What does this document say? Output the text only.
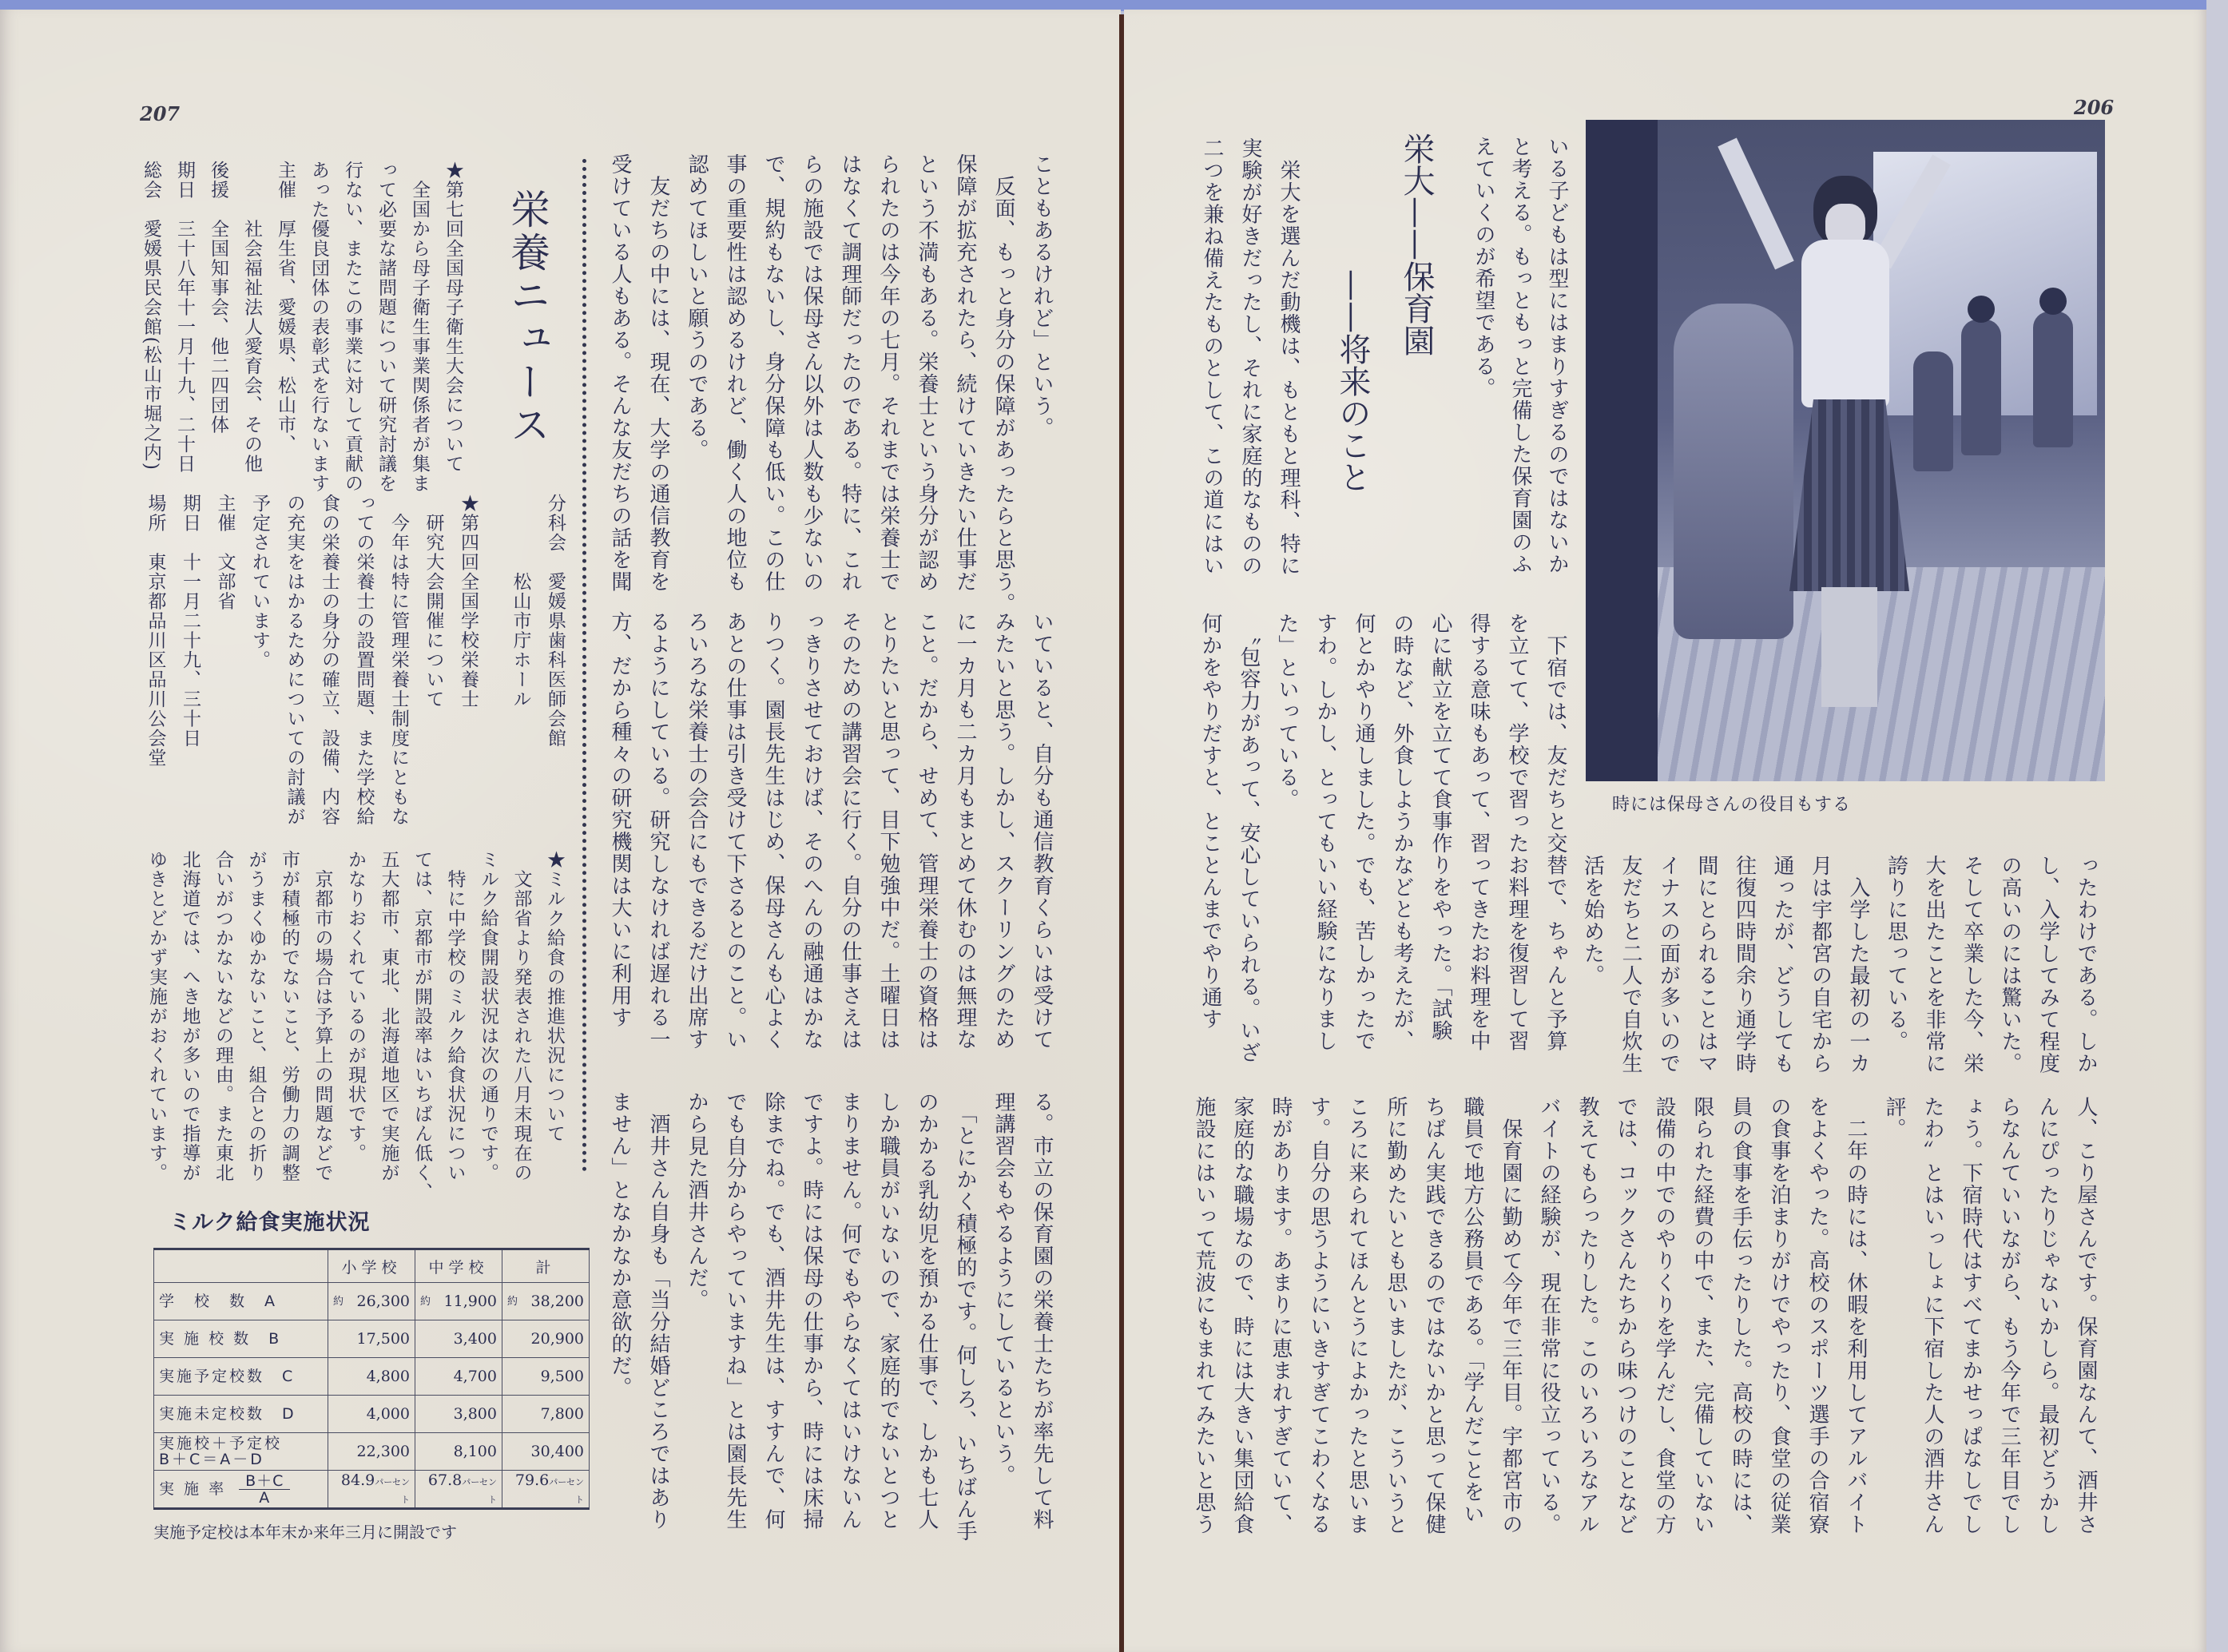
207
栄養ニュース
★第七回全国母子衛生大会について
　全国から母子衛生事業関係者が集ま
って必要な諸問題について研究討議を
行ない、またこの事業に対して貢献の
あった優良団体の表彰式を行ないます
主催　厚生省、愛媛県、松山市、
　　　社会福祉法人愛育会、その他
後援　全国知事会、他二四団体
期日　三十八年十一月十九、二十日
総会　愛媛県民会館(松山市堀之内)
分科会　愛媛県歯科医師会館
　　　　松山市庁ホール
★第四回全国学校栄養士
　研究大会開催について
　今年は特に管理栄養士制度にともな
っての栄養士の設置問題、また学校給
食の栄養士の身分の確立、設備、内容
の充実をはかるためについての討議が
予定されています。
主催　文部省
期日　十一月二十九、三十日
場所　東京都品川区品川公会堂
★ミルク給食の推進状況について
　文部省より発表された八月末現在の
ミルク給食開設状況は次の通りです。
　特に中学校のミルク給食状況につい
ては、京都市が開設率はいちばん低く、
五大都市、東北、北海道地区で実施が
かなりおくれているのが現状です。
　京都市の場合は予算上の問題などで
市が積極的でないこと、労働力の調整
がうまくゆかないこと、組合との折り
合いがつかないなどの理由。また東北
北海道では、へき地が多いので指導が
ゆきとどかず実施がおくれています。
こともあるけれど」という。
　反面、もっと身分の保障があったらと思う。
保障が拡充されたら、続けていきたい仕事だ
という不満もある。栄養士という身分が認め
られたのは今年の七月。それまでは栄養士で
はなくて調理師だったのである。特に、これ
らの施設では保母さん以外は人数も少ないの
で、規約もないし、身分保障も低い。この仕
事の重要性は認めるけれど、働く人の地位も
認めてほしいと願うのである。
　友だちの中には、現在、大学の通信教育を
受けている人もある。そんな友だちの話を聞
いていると、自分も通信教育くらいは受けて
みたいと思う。しかし、スクーリングのため
に一カ月も二カ月もまとめて休むのは無理な
こと。だから、せめて、管理栄養士の資格は
とりたいと思って、目下勉強中だ。土曜日は
そのための講習会に行く。自分の仕事さえは
っきりさせておけば、そのへんの融通はかな
りつく。園長先生はじめ、保母さんも心よく
あとの仕事は引き受けて下さるとのこと。い
ろいろな栄養士の会合にもできるだけ出席す
るようにしている。研究しなければ遅れる一
方、だから種々の研究機関は大いに利用す
る。市立の保育園の栄養士たちが率先して料
理講習会もやるようにしているという。
　「とにかく積極的です。何しろ、いちばん手
のかかる乳幼児を預かる仕事で、しかも七人
しか職員がいないので、家庭的でないとつと
まりません。何でもやらなくてはいけないん
ですよ。時には保母の仕事から、時には床掃
除までね。でも、酒井先生は、すすんで、何
でも自分からやっていますね」とは園長先生
から見た酒井さんだ。
　酒井さん自身も「当分結婚どころではあり
ません」となかなか意欲的だ。
ミルク給食実施状況
	小学校	中学校	計
学　校　数　A	約 26,300	約 11,900	約 38,200
実 施 校 数　B	17,500	3,400	20,900
実施予定校数　C	4,800	4,700	9,500
実施未定校数　D	4,000	3,800	7,800
実施校＋予定校
B＋C＝A－D	22,300	8,100	30,400
実 施 率 $\frac{B+C}{A}$	84.9パーセント	67.8パーセント	79.6パーセント
実施予定校は本年末か来年三月に開設です
206
いる子どもは型にはまりすぎるのではないか
と考える。もっともっと完備した保育園のふ
えていくのが希望である。
栄大——保育園
——将来のこと
　栄大を選んだ動機は、もともと理科、特に
実験が好きだったし、それに家庭的なものの
二つを兼ね備えたものとして、この道にはい
時には保母さんの役目もする
ったわけである。しか
し、入学してみて程度
の高いのには驚いた。
そして卒業した今、栄
大を出たことを非常に
誇りに思っている。
　入学した最初の一カ
月は宇都宮の自宅から
通ったが、どうしても
往復四時間余り通学時
間にとられることはマ
イナスの面が多いので
友だちと二人で自炊生
活を始めた。
　下宿では、友だちと交替で、ちゃんと予算
を立てて、学校で習ったお料理を復習して習
得する意味もあって、習ってきたお料理を中
心に献立を立てて食事作りをやった。「試験
の時など、外食しようかなどとも考えたが、
何とかやり通しました。でも、苦しかったで
すわ。しかし、とってもいい経験になりまし
た」といっている。
　〝包容力があって、安心していられる。いざ
何かをやりだすと、とことんまでやり通す
人、こり屋さんです。保育園なんて、酒井さ
んにぴったりじゃないかしら。最初どうかし
らなんていいながら、もう今年で三年目でし
ょう。下宿時代はすべてまかせっぱなしでし
たわ〟とはいっしょに下宿した人の酒井さん
評。
　二年の時には、休暇を利用してアルバイト
をよくやった。高校のスポーツ選手の合宿寮
の食事を泊まりがけでやったり、食堂の従業
員の食事を手伝ったりした。高校の時には、
限られた経費の中で、また、完備していない
設備の中でのやりくりを学んだし、食堂の方
では、コックさんたちから味つけのことなど
教えてもらったりした。このいろいろなアル
バイトの経験が、現在非常に役立っている。
　保育園に勤めて今年で三年目。宇都宮市の
職員で地方公務員である。「学んだことをい
ちばん実践できるのではないかと思って保健
所に勤めたいとも思いましたが、こういうと
ころに来られてほんとうによかったと思いま
す。自分の思うようにいきすぎてこわくなる
時があります。あまりに恵まれすぎていて、
家庭的な職場なので、時には大きい集団給食
施設にはいって荒波にもまれてみたいと思う
